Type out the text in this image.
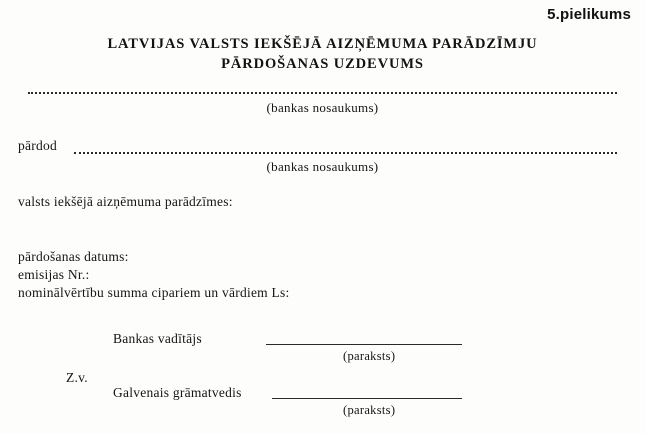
5.pielikums
LATVIJAS VALSTS IEKŠĒJĀ AIZŅĒMUMA PARĀDZĪMJU
PĀRDOŠANAS UZDEVUMS
(bankas nosaukums)
pārdod
(bankas nosaukums)
valsts iekšējā aizņēmuma parādzīmes:
pārdošanas datums:
emisijas Nr.:
nominālvērtību summa cipariem un vārdiem Ls:
Bankas vadītājs
(paraksts)
Z.v.
Galvenais grāmatvedis
(paraksts)
